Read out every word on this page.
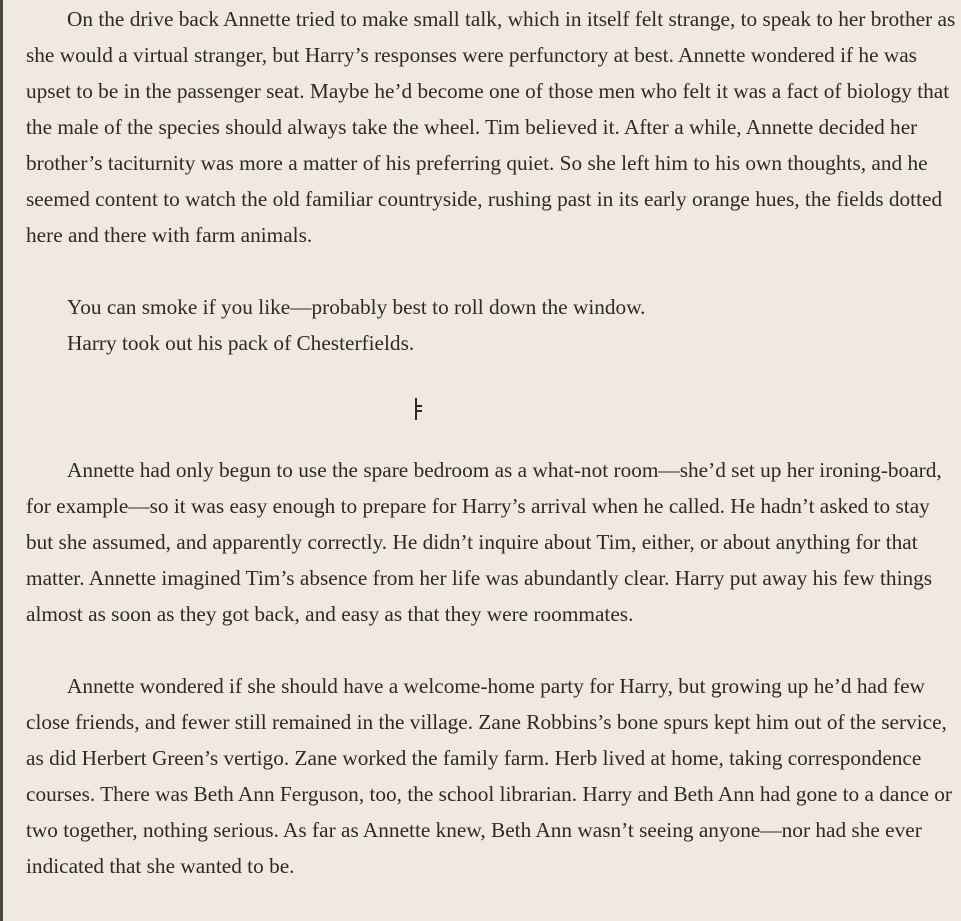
On the drive back Annette tried to make small talk, which in itself felt strange, to speak to her brother as she would a virtual stranger, but Harry’s responses were perfunctory at best. Annette wondered if he was upset to be in the passenger seat. Maybe he’d become one of those men who felt it was a fact of biology that the male of the species should always take the wheel. Tim believed it. After a while, Annette decided her brother’s taciturnity was more a matter of his preferring quiet. So she left him to his own thoughts, and he seemed content to watch the old familiar countryside, rushing past in its early orange hues, the fields dotted here and there with farm animals.

You can smoke if you like—probably best to roll down the window.

Harry took out his pack of Chesterfields.

Annette had only begun to use the spare bedroom as a what-not room—she’d set up her ironing-board, for example—so it was easy enough to prepare for Harry’s arrival when he called. He hadn’t asked to stay but she assumed, and apparently correctly. He didn’t inquire about Tim, either, or about anything for that matter. Annette imagined Tim’s absence from her life was abundantly clear. Harry put away his few things almost as soon as they got back, and easy as that they were roommates.

Annette wondered if she should have a welcome-home party for Harry, but growing up he’d had few close friends, and fewer still remained in the village. Zane Robbins’s bone spurs kept him out of the service, as did Herbert Green’s vertigo. Zane worked the family farm. Herb lived at home, taking correspondence courses. There was Beth Ann Ferguson, too, the school librarian. Harry and Beth Ann had gone to a dance or two together, nothing serious. As far as Annette knew, Beth Ann wasn’t seeing anyone—nor had she ever indicated that she wanted to be.
